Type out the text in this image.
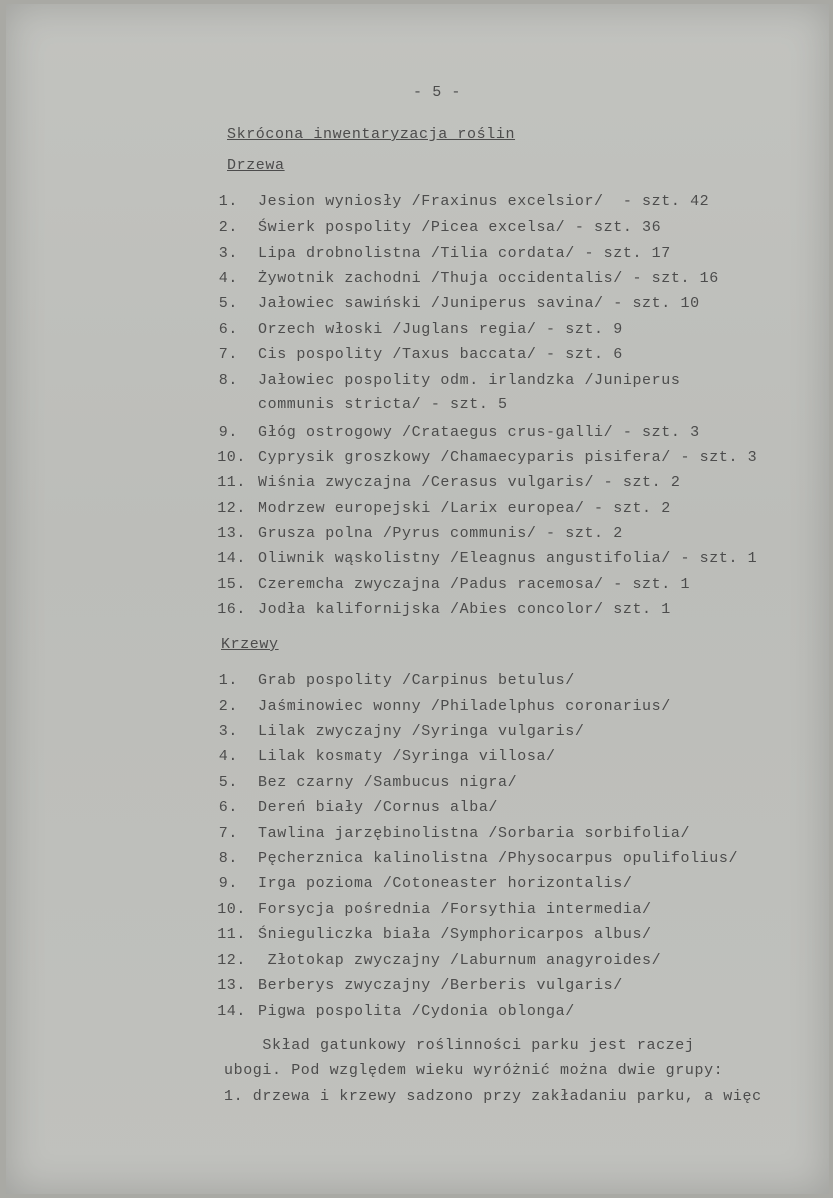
- 5 -
Skrócona inwentaryzacja roślin
Drzewa
1. Jesion wyniosły /Fraxinus excelsior/  - szt. 42
2. Świerk pospolity /Picea excelsa/ - szt. 36
3. Lipa drobnolistna /Tilia cordata/ - szt. 17
4. Żywotnik zachodni /Thuja occidentalis/ - szt. 16
5. Jałowiec sawiński /Juniperus savina/ - szt. 10
6. Orzech włoski /Juglans regia/ - szt. 9
7. Cis pospolity /Taxus baccata/ - szt. 6
8. Jałowiec pospolity odm. irlandzka /Juniperus
communis stricta/ - szt. 5
9. Głóg ostrogowy /Crataegus crus-galli/ - szt. 3
10. Cyprysik groszkowy /Chamaecyparis pisifera/ - szt. 3
11. Wiśnia zwyczajna /Cerasus vulgaris/ - szt. 2
12. Modrzew europejski /Larix europea/ - szt. 2
13. Grusza polna /Pyrus communis/ - szt. 2
14. Oliwnik wąskolistny /Eleagnus angustifolia/ - szt. 1
15. Czeremcha zwyczajna /Padus racemosa/ - szt. 1
16. Jodła kalifornijska /Abies concolor/ szt. 1
Krzewy
1. Grab pospolity /Carpinus betulus/
2. Jaśminowiec wonny /Philadelphus coronarius/
3. Lilak zwyczajny /Syringa vulgaris/
4. Lilak kosmaty /Syringa villosa/
5. Bez czarny /Sambucus nigra/
6. Dereń biały /Cornus alba/
7. Tawlina jarzębinolistna /Sorbaria sorbifolia/
8. Pęcherznica kalinolistna /Physocarpus opulifolius/
9. Irga pozioma /Cotoneaster horizontalis/
10. Forsycja pośrednia /Forsythia intermedia/
11. Śnieguliczka biała /Symphoricarpos albus/
12. Złotokap zwyczajny /Laburnum anagyroides/
13. Berberys zwyczajny /Berberis vulgaris/
14. Pigwa pospolita /Cydonia oblonga/
Skład gatunkowy roślinności parku jest raczej
ubogi. Pod względem wieku wyróżnić można dwie grupy:
1. drzewa i krzewy sadzono przy zakładaniu parku, a więc
